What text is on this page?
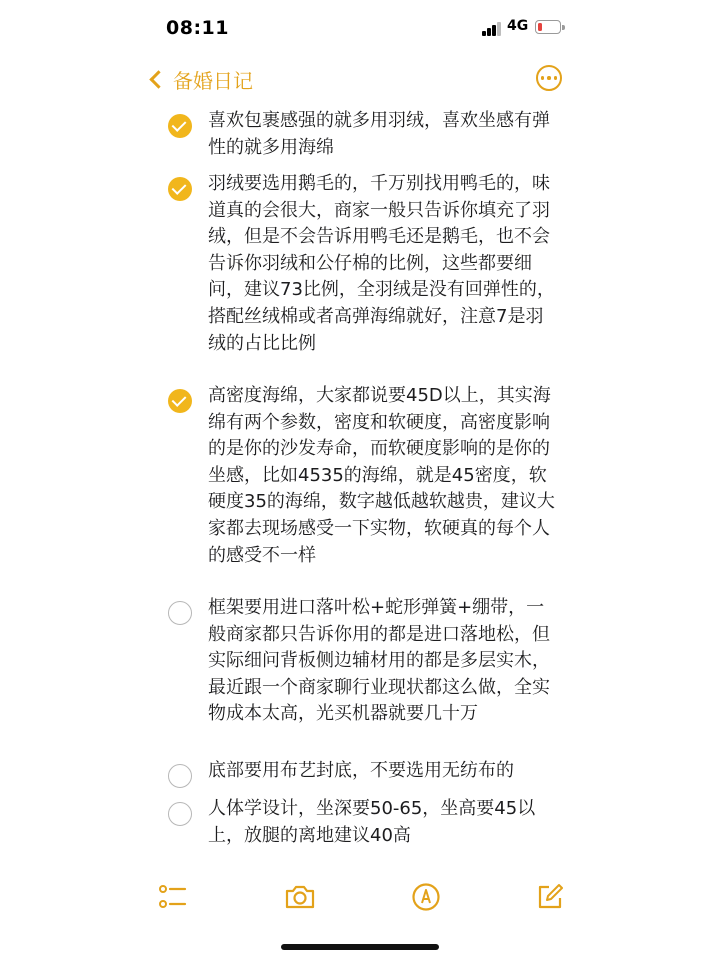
08:11	4G
备婚日记
喜欢包裹感强的就多用羽绒，喜欢坐感有弹性的就多用海绵
羽绒要选用鹅毛的，千万别找用鸭毛的，味道真的会很大，商家一般只告诉你填充了羽绒，但是不会告诉用鸭毛还是鹅毛，也不会告诉你羽绒和公仔棉的比例，这些都要细问，建议73比例，全羽绒是没有回弹性的，搭配丝绒棉或者高弹海绵就好，注意7是羽绒的占比比例
高密度海绵，大家都说要45D以上，其实海绵有两个参数，密度和软硬度，高密度影响的是你的沙发寿命，而软硬度影响的是你的坐感，比如4535的海绵，就是45密度，软硬度35的海绵，数字越低越软越贵，建议大家都去现场感受一下实物，软硬真的每个人的感受不一样
框架要用进口落叶松+蛇形弹簧+绷带，一般商家都只告诉你用的都是进口落地松，但实际细问背板侧边辅材用的都是多层实木，最近跟一个商家聊行业现状都这么做，全实物成本太高，光买机器就要几十万
底部要用布艺封底，不要选用无纺布的
人体学设计，坐深要50-65，坐高要45以上，放腿的离地建议40高
